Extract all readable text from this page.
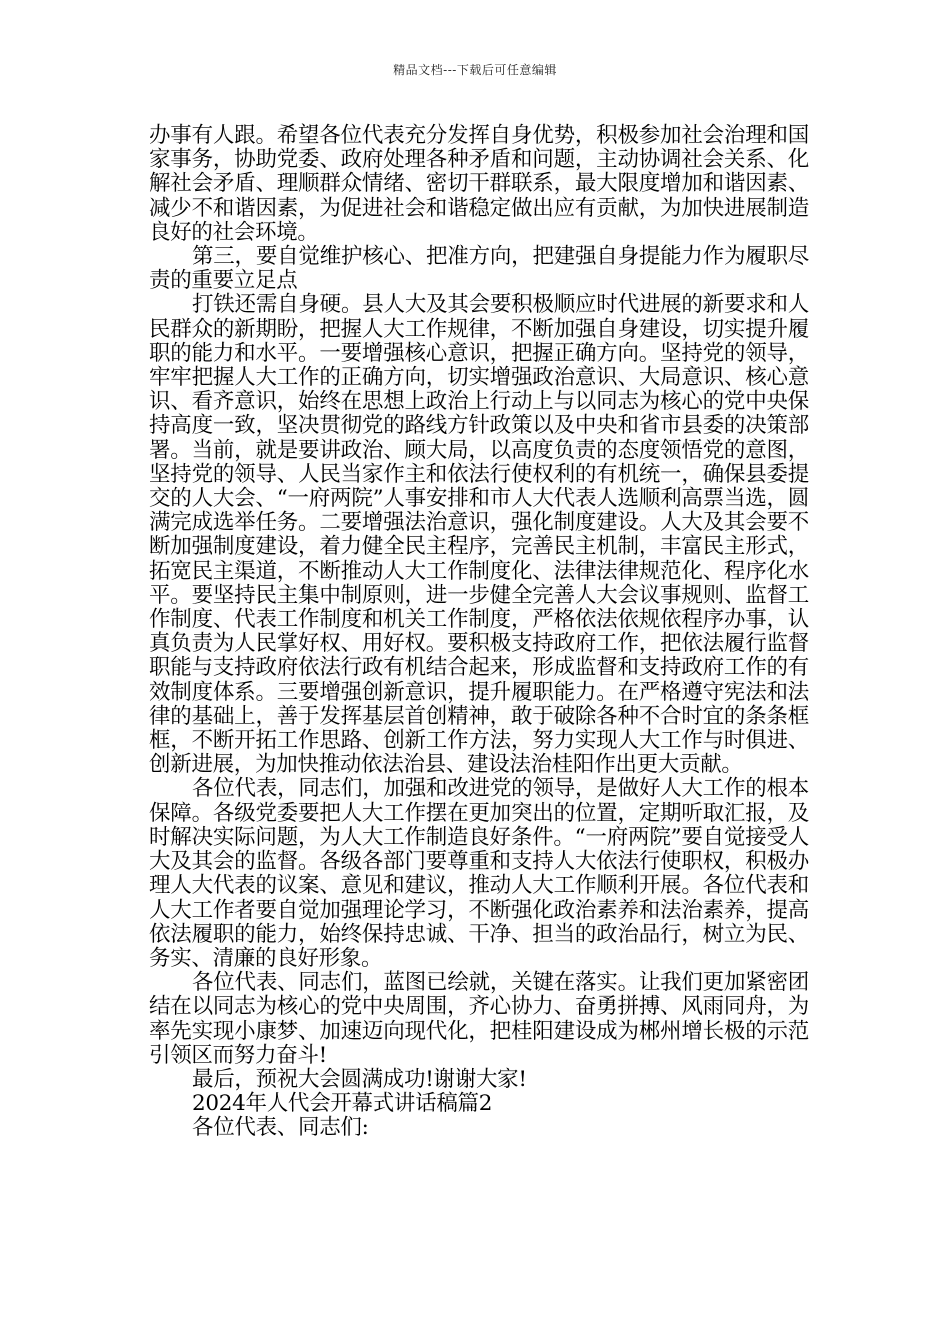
精品文档---下载后可任意编辑

办事有人跟。希望各位代表充分发挥自身优势，积极参加社会治理和国家事务，协助党委、政府处理各种矛盾和问题，主动协调社会关系、化解社会矛盾、理顺群众情绪、密切干群联系，最大限度增加和谐因素、减少不和谐因素，为促进社会和谐稳定做出应有贡献，为加快进展制造良好的社会环境。

第三，要自觉维护核心、把准方向，把建强自身提能力作为履职尽责的重要立足点

打铁还需自身硬。县人大及其会要积极顺应时代进展的新要求和人民群众的新期盼，把握人大工作规律，不断加强自身建设，切实提升履职的能力和水平。一要增强核心意识，把握正确方向。坚持党的领导，牢牢把握人大工作的正确方向，切实增强政治意识、大局意识、核心意识、看齐意识，始终在思想上政治上行动上与以同志为核心的党中央保持高度一致，坚决贯彻党的路线方针政策以及中央和省市县委的决策部署。当前，就是要讲政治、顾大局，以高度负责的态度领悟党的意图，坚持党的领导、人民当家作主和依法行使权利的有机统一，确保县委提交的人大会、“一府两院”人事安排和市人大代表人选顺利高票当选，圆满完成选举任务。二要增强法治意识，强化制度建设。人大及其会要不断加强制度建设，着力健全民主程序，完善民主机制，丰富民主形式，拓宽民主渠道，不断推动人大工作制度化、法律法律规范化、程序化水平。要坚持民主集中制原则，进一步健全完善人大会议事规则、监督工作制度、代表工作制度和机关工作制度，严格依法依规依程序办事，认真负责为人民掌好权、用好权。要积极支持政府工作，把依法履行监督职能与支持政府依法行政有机结合起来，形成监督和支持政府工作的有效制度体系。三要增强创新意识，提升履职能力。在严格遵守宪法和法律的基础上，善于发挥基层首创精神，敢于破除各种不合时宜的条条框框，不断开拓工作思路、创新工作方法，努力实现人大工作与时俱进、创新进展，为加快推动依法治县、建设法治桂阳作出更大贡献。

各位代表，同志们，加强和改进党的领导，是做好人大工作的根本保障。各级党委要把人大工作摆在更加突出的位置，定期听取汇报，及时解决实际问题，为人大工作制造良好条件。“一府两院”要自觉接受人大及其会的监督。各级各部门要尊重和支持人大依法行使职权，积极办理人大代表的议案、意见和建议，推动人大工作顺利开展。各位代表和人大工作者要自觉加强理论学习，不断强化政治素养和法治素养，提高依法履职的能力，始终保持忠诚、干净、担当的政治品行，树立为民、务实、清廉的良好形象。

各位代表、同志们，蓝图已绘就，关键在落实。让我们更加紧密团结在以同志为核心的党中央周围，齐心协力、奋勇拼搏、风雨同舟，为率先实现小康梦、加速迈向现代化，把桂阳建设成为郴州增长极的示范引领区而努力奋斗!

最后，预祝大会圆满成功!谢谢大家!

2024年人代会开幕式讲话稿篇2

各位代表、同志们:
